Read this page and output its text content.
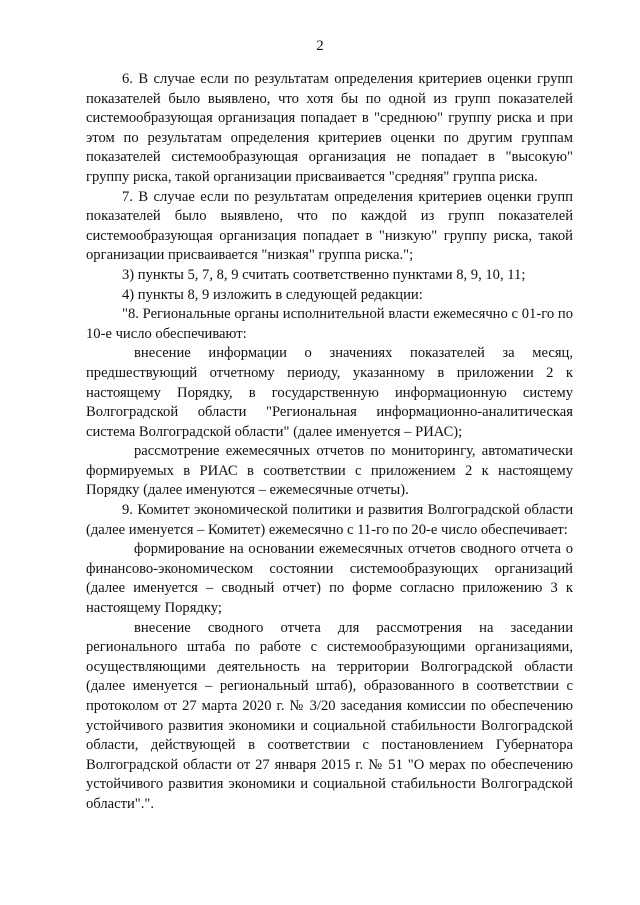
2

6. В случае если по результатам определения критериев оценки групп показателей было выявлено, что хотя бы по одной из групп показателей системообразующая организация попадает в "среднюю" группу риска и при этом по результатам определения критериев оценки по другим группам показателей системообразующая организация не попадает в "высокую" группу риска, такой организации присваивается "средняя" группа риска.

7. В случае если по результатам определения критериев оценки групп показателей было выявлено, что по каждой из групп показателей системообразующая организация попадает в "низкую" группу риска, такой организации присваивается "низкая" группа риска.";

3) пункты 5, 7, 8, 9 считать соответственно пунктами 8, 9, 10, 11;

4) пункты 8, 9 изложить в следующей редакции:

"8. Региональные органы исполнительной власти ежемесячно с 01-го по 10-е число обеспечивают:

внесение информации о значениях показателей за месяц, предшествующий отчетному периоду, указанному в приложении 2 к настоящему Порядку, в государственную информационную систему Волгоградской области "Региональная информационно-аналитическая система Волгоградской области" (далее именуется – РИАС);

рассмотрение ежемесячных отчетов по мониторингу, автоматически формируемых в РИАС в соответствии с приложением 2 к настоящему Порядку (далее именуются – ежемесячные отчеты).

9. Комитет экономической политики и развития Волгоградской области (далее именуется – Комитет) ежемесячно с 11-го по 20-е число обеспечивает:

формирование на основании ежемесячных отчетов сводного отчета о финансово-экономическом состоянии системообразующих организаций (далее именуется – сводный отчет) по форме согласно приложению 3 к настоящему Порядку;

внесение сводного отчета для рассмотрения на заседании регионального штаба по работе с системообразующими организациями, осуществляющими деятельность на территории Волгоградской области (далее именуется – региональный штаб), образованного в соответствии с протоколом от 27 марта 2020 г. № 3/20 заседания комиссии по обеспечению устойчивого развития экономики и социальной стабильности Волгоградской области, действующей в соответствии с постановлением Губернатора Волгоградской области от 27 января 2015 г. № 51 "О мерах по обеспечению устойчивого развития экономики и социальной стабильности Волгоградской области".".
